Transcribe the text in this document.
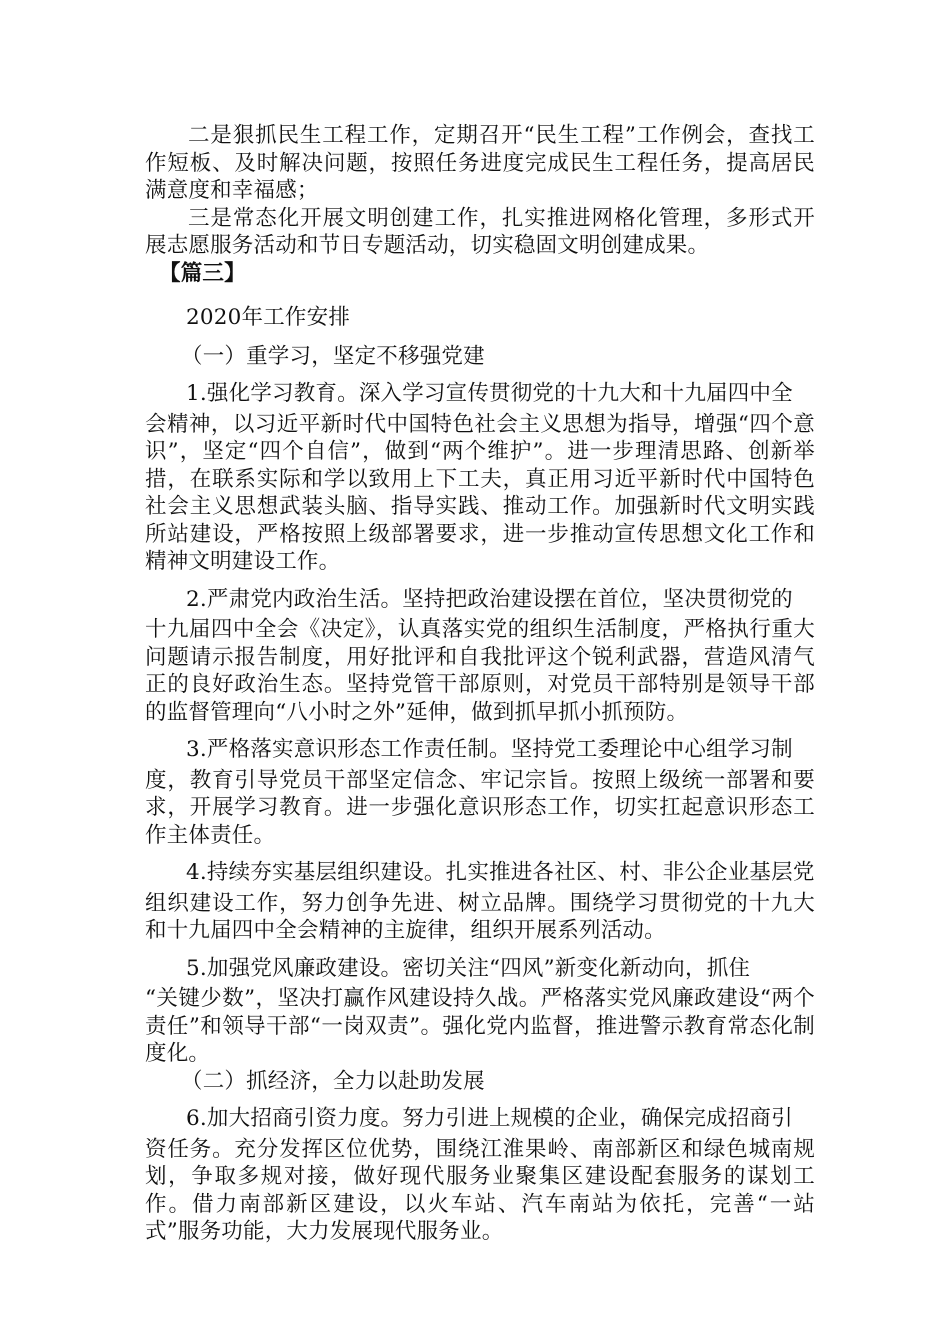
二是狠抓民生工程工作，定期召开“民生工程”工作例会，查找工作短板、及时解决问题，按照任务进度完成民生工程任务，提高居民满意度和幸福感；

三是常态化开展文明创建工作，扎实推进网格化管理，多形式开展志愿服务活动和节日专题活动，切实稳固文明创建成果。

【篇三】

2020年工作安排

（一）重学习，坚定不移强党建

1.强化学习教育。深入学习宣传贯彻党的十九大和十九届四中全

会精神，以习近平新时代中国特色社会主义思想为指导，增强“四个意识”，坚定“四个自信”，做到“两个维护”。进一步理清思路、创新举措，在联系实际和学以致用上下工夫，真正用习近平新时代中国特色社会主义思想武装头脑、指导实践、推动工作。加强新时代文明实践所站建设，严格按照上级部署要求，进一步推动宣传思想文化工作和精神文明建设工作。

2.严肃党内政治生活。坚持把政治建设摆在首位，坚决贯彻党的

十九届四中全会《决定》，认真落实党的组织生活制度，严格执行重大问题请示报告制度，用好批评和自我批评这个锐利武器，营造风清气正的良好政治生态。坚持党管干部原则，对党员干部特别是领导干部的监督管理向“八小时之外”延伸，做到抓早抓小抓预防。

3.严格落实意识形态工作责任制。坚持党工委理论中心组学习制

度，教育引导党员干部坚定信念、牢记宗旨。按照上级统一部署和要求，开展学习教育。进一步强化意识形态工作，切实扛起意识形态工作主体责任。

4.持续夯实基层组织建设。扎实推进各社区、村、非公企业基层党

组织建设工作，努力创争先进、树立品牌。围绕学习贯彻党的十九大和十九届四中全会精神的主旋律，组织开展系列活动。

5.加强党风廉政建设。密切关注“四风”新变化新动向，抓住

“关键少数”，坚决打赢作风建设持久战。严格落实党风廉政建设“两个责任”和领导干部“一岗双责”。强化党内监督，推进警示教育常态化制度化。

（二）抓经济，全力以赴助发展

6.加大招商引资力度。努力引进上规模的企业，确保完成招商引

资任务。充分发挥区位优势，围绕江淮果岭、南部新区和绿色城南规划，争取多规对接，做好现代服务业聚集区建设配套服务的谋划工作。借力南部新区建设，以火车站、汽车南站为依托，完善“一站式”服务功能，大力发展现代服务业。
